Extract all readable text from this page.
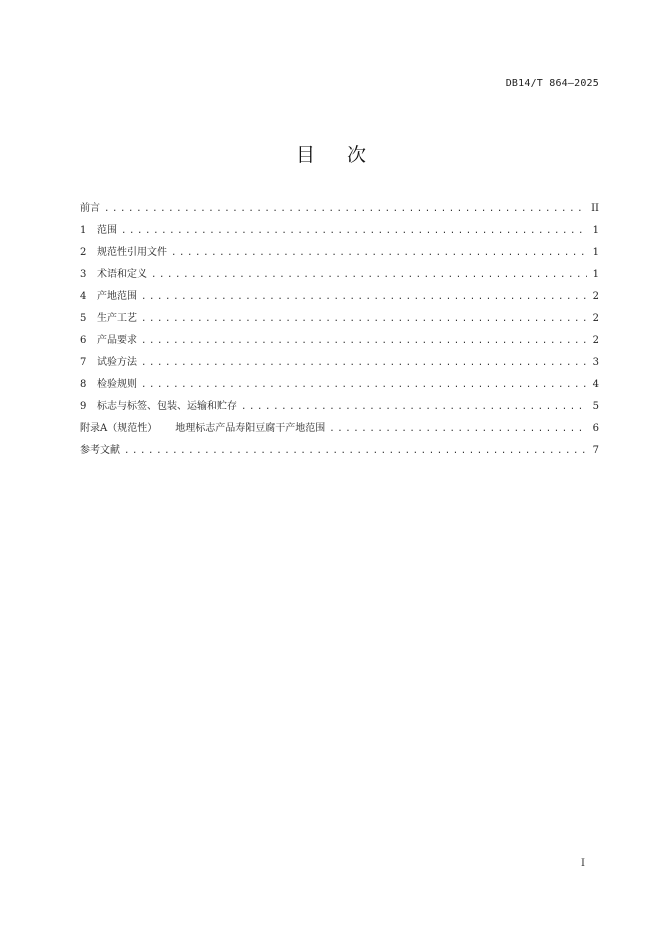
DB14/T 864—2025
目次
前言 .....	II
1	范围 .....	1
2	规范性引用文件 .....	1
3	术语和定义 .....	1
4	产地范围 .....	2
5	生产工艺 .....	2
6	产品要求 .....	2
7	试验方法 .....	3
8	检验规则 .....	4
9	标志与标签、包装、运输和贮存 .....	5
附录A（规范性） 地理标志产品寿阳豆腐干产地范围 .....	6
参考文献 .....	7
I
